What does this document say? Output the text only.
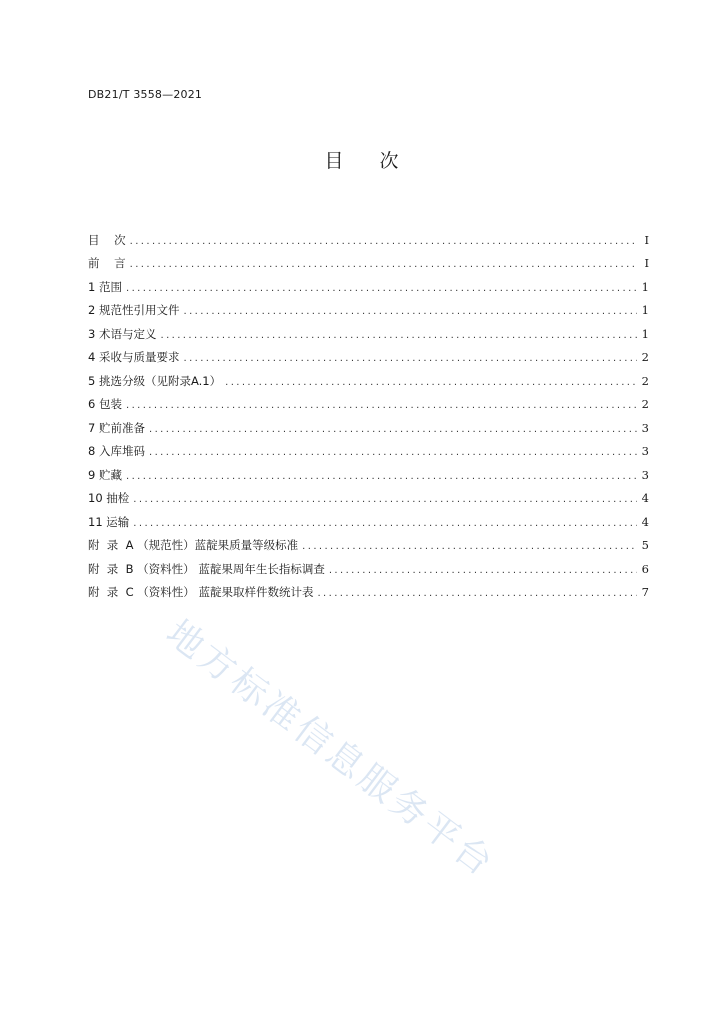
DB21/T 3558—2021
目 次
目    次 .....	I
前    言 .....	I
1 范围 .....	1
2 规范性引用文件 .....	1
3 术语与定义 .....	1
4 采收与质量要求 .....	2
5 挑选分级（见附录A.1） .....	2
6 包装 .....	2
7 贮前准备 .....	3
8 入库堆码 .....	3
9 贮藏 .....	3
10 抽检 .....	4
11 运输 .....	4
附  录  A （规范性）蓝靛果质量等级标准 .....	5
附  录  B （资料性） 蓝靛果周年生长指标调查 .....	6
附  录  C （资料性） 蓝靛果取样件数统计表 .....	7
地方标准信息服务平台
